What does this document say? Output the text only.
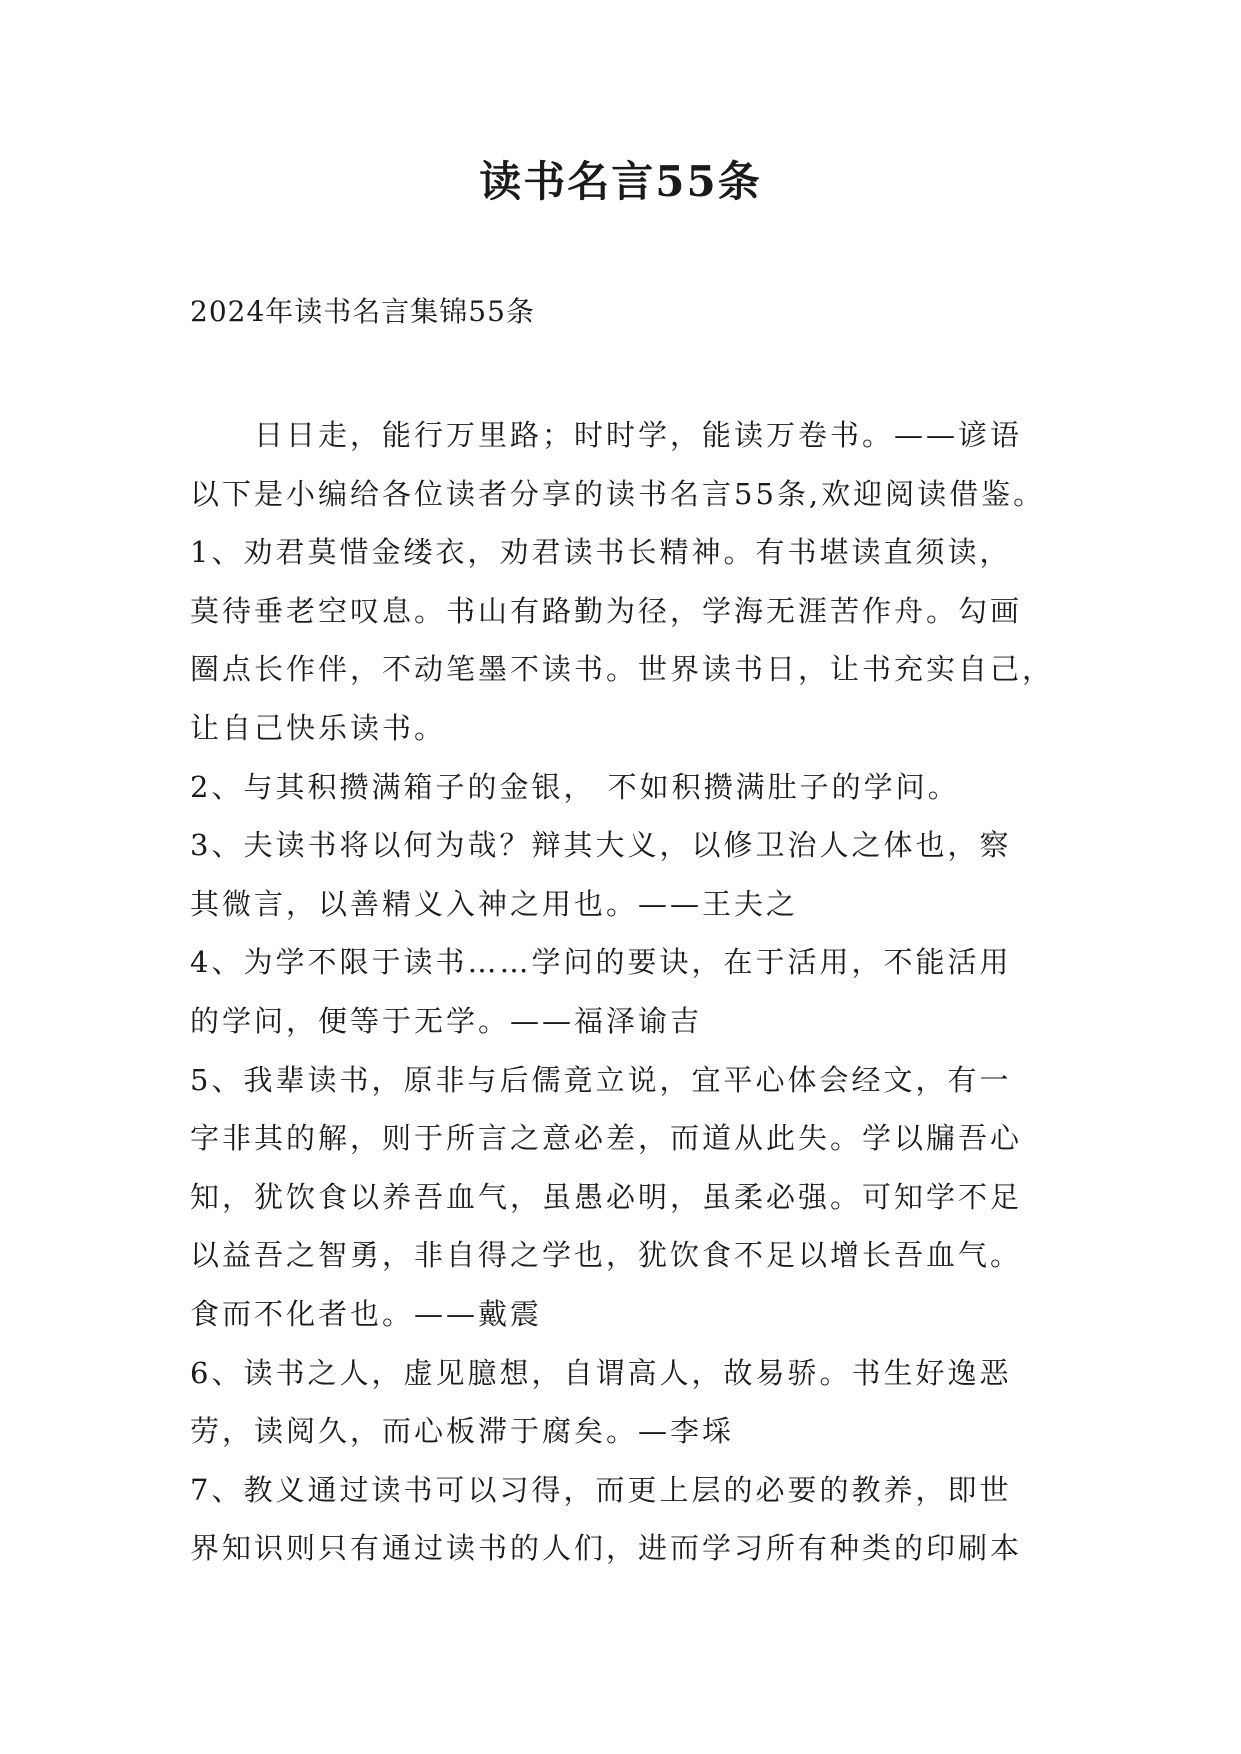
读书名言55条
2024年读书名言集锦55条
日日走，能行万里路；时时学，能读万卷书。——谚语
以下是小编给各位读者分享的读书名言55条,欢迎阅读借鉴。
1、劝君莫惜金缕衣，劝君读书长精神。有书堪读直须读，
莫待垂老空叹息。书山有路勤为径，学海无涯苦作舟。勾画
圈点长作伴，不动笔墨不读书。世界读书日，让书充实自己，
让自己快乐读书。
2、与其积攒满箱子的金银， 不如积攒满肚子的学问。
3、夫读书将以何为哉？辩其大义，以修卫治人之体也，察
其微言，以善精义入神之用也。——王夫之
4、为学不限于读书……学问的要诀，在于活用，不能活用
的学问，便等于无学。——福泽谕吉
5、我辈读书，原非与后儒竟立说，宜平心体会经文，有一
字非其的解，则于所言之意必差，而道从此失。学以牖吾心
知，犹饮食以养吾血气，虽愚必明，虽柔必强。可知学不足
以益吾之智勇，非自得之学也，犹饮食不足以增长吾血气。
食而不化者也。——戴震
6、读书之人，虚见臆想，自谓高人，故易骄。书生好逸恶
劳，读阅久，而心板滞于腐矣。—李埰
7、教义通过读书可以习得，而更上层的必要的教养，即世
界知识则只有通过读书的人们，进而学习所有种类的印刷本
